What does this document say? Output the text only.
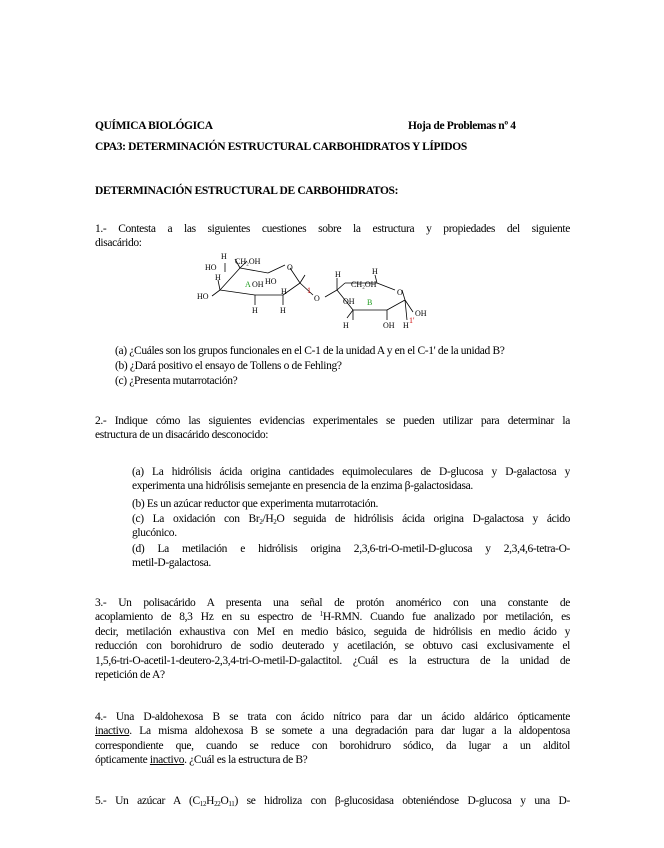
QUÍMICA BIOLÓGICA	Hoja de Problemas nº 4
CPA3: DETERMINACIÓN ESTRUCTURAL CARBOHIDRATOS Y LÍPIDOS
DETERMINACIÓN ESTRUCTURAL DE CARBOHIDRATOS:
1.- Contesta a las siguientes cuestiones sobre la estructura y propiedades del siguiente
disacárido:
H
CH₂OH
O
HO
H
HO
HO
H
OH
H
H
O
H
CH₂OH
O
H
OH
H	OH H
OH
A
B
1
1'
(a) ¿Cuáles son los grupos funcionales en el C-1 de la unidad A y en el C-1' de la unidad B?
(b) ¿Dará positivo el ensayo de Tollens o de Fehling?
(c) ¿Presenta mutarrotación?
2.- Indique cómo las siguientes evidencias experimentales se pueden utilizar para determinar la
estructura de un disacárido desconocido:
(a) La hidrólisis ácida origina cantidades equimoleculares de D-glucosa y D-galactosa y
experimenta una hidrólisis semejante en presencia de la enzima β-galactosidasa.
(b) Es un azúcar reductor que experimenta mutarrotación.
(c) La oxidación con $Br_2/H_2O$ seguida de hidrólisis ácida origina D-galactosa y ácido
glucónico.
(d) La metilación e hidrólisis origina 2,3,6-tri-O-metil-D-glucosa y 2,3,4,6-tetra-O-
metil-D-galactosa.
3.- Un polisacárido A presenta una señal de protón anomérico con una constante de
acoplamiento de 8,3 Hz en su espectro de $^1$H-RMN. Cuando fue analizado por metilación, es
decir, metilación exhaustiva con MeI en medio básico, seguida de hidrólisis en medio ácido y
reducción con borohidruro de sodio deuterado y acetilación, se obtuvo casi exclusivamente el
1,5,6-tri-O-acetil-1-deutero-2,3,4-tri-O-metil-D-galactitol. ¿Cuál es la estructura de la unidad de
repetición de A?
4.- Una D-aldohexosa B se trata con ácido nítrico para dar un ácido aldárico ópticamente
inactivo. La misma aldohexosa B se somete a una degradación para dar lugar a la aldopentosa
correspondiente que, cuando se reduce con borohidruro sódico, da lugar a un alditol
ópticamente inactivo. ¿Cuál es la estructura de B?
5.- Un azúcar A $(C_{12}H_{22}O_{11})$ se hidroliza con β-glucosidasa obteniéndose D-glucosa y una D-
